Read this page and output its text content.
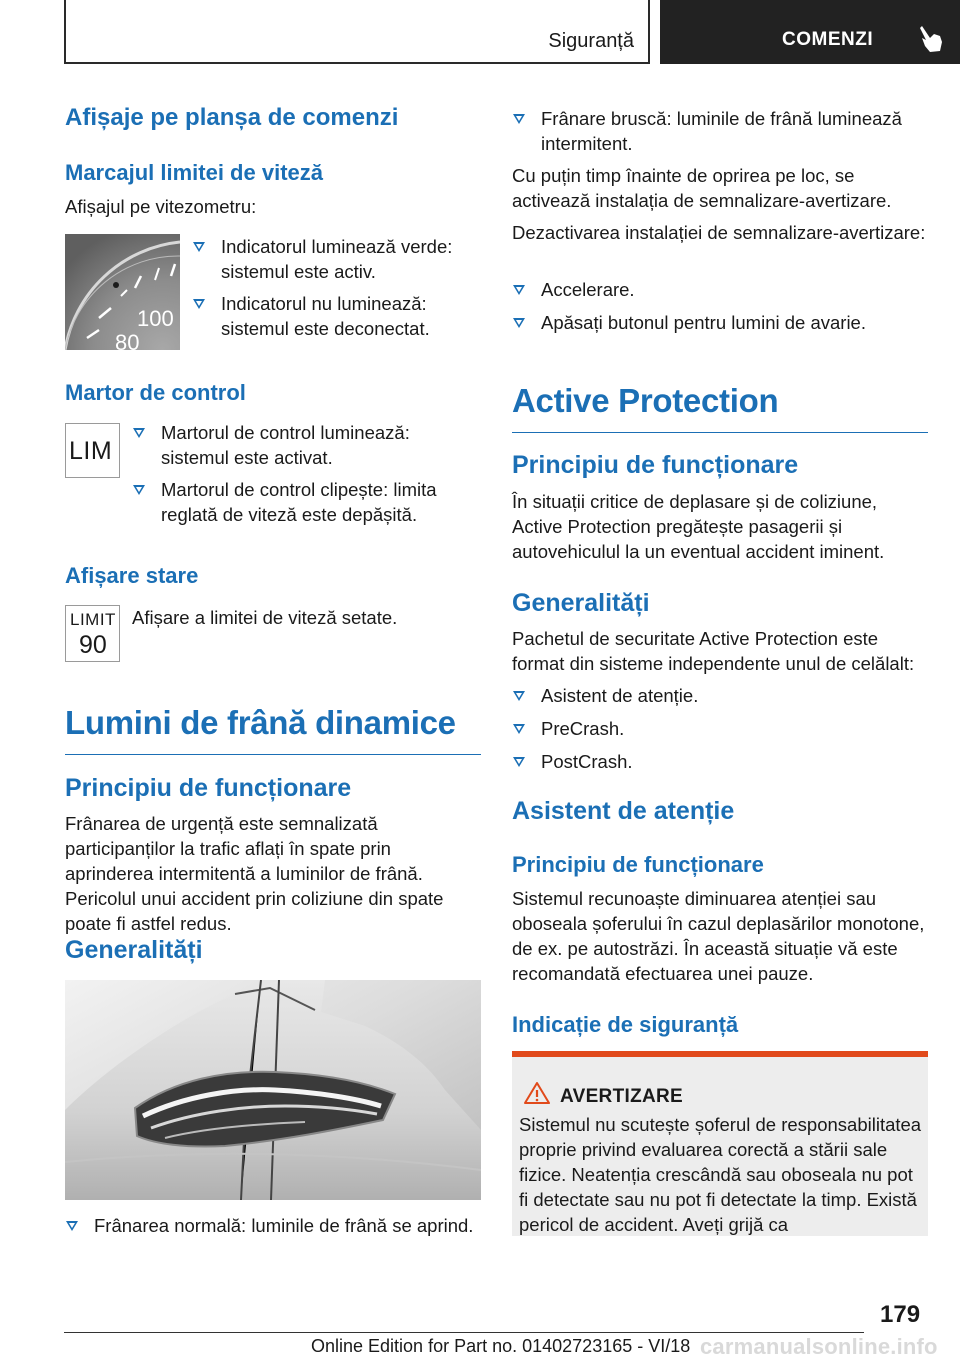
Siguranță	COMENZI
Afișaje pe planșa de comenzi
Marcajul limitei de viteză
Afișajul pe vitezometru:
100
80
Indicatorul luminează verde: sistemul este activ.
Indicatorul nu luminează: sistemul este deconectat.
Martor de control
LIM
Martorul de control luminează: sistemul este activat.
Martorul de control clipește: limita reglată de viteză este depășită.
Afișare stare
LIMIT
90
Afișare a limitei de viteză setate.
Lumini de frână dinamice
Principiu de funcționare
Frânarea de urgență este semnalizată participanților la trafic aflați în spate prin aprinderea intermitentă a luminilor de frână. Pericolul unui accident prin coliziune din spate poate fi astfel redus.
Generalități
Frânarea normală: luminile de frână se aprind.
Frânare bruscă: luminile de frână luminează intermitent.
Cu puțin timp înainte de oprirea pe loc, se activează instalația de semnalizare-avertizare.
Dezactivarea instalației de semnalizare-avertizare:
Accelerare.
Apăsați butonul pentru lumini de avarie.
Active Protection
Principiu de funcționare
În situații critice de deplasare și de coliziune, Active Protection pregătește pasagerii și autovehiculul la un eventual accident iminent.
Generalități
Pachetul de securitate Active Protection este format din sisteme independente unul de celălalt:
Asistent de atenție.
PreCrash.
PostCrash.
Asistent de atenție
Principiu de funcționare
Sistemul recunoaște diminuarea atenției sau oboseala șoferului în cazul deplasărilor monotone, de ex. pe autostrăzi. În această situație vă este recomandată efectuarea unei pauze.
Indicație de siguranță
AVERTIZARE
Sistemul nu scutește șoferul de responsabilitatea proprie privind evaluarea corectă a stării sale fizice. Neatenția crescândă sau oboseala nu pot fi detectate sau nu pot fi detectate la timp. Există pericol de accident. Aveți grijă ca
179
Online Edition for Part no. 01402723165 - VI/18 carmanualsonline.info
